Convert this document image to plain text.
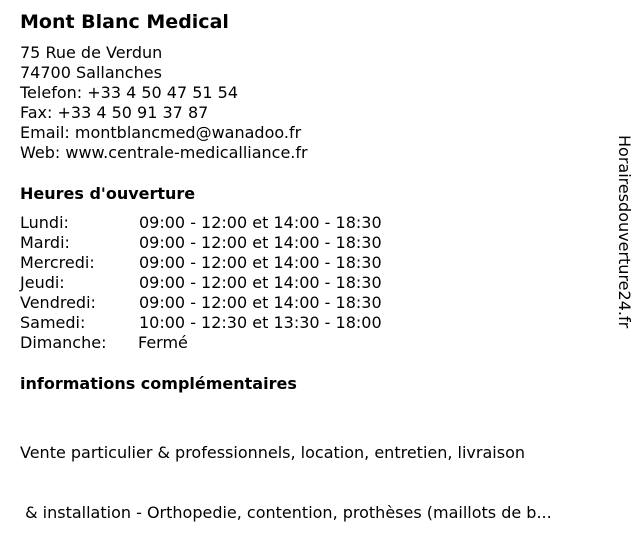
Mont Blanc Medical
75 Rue de Verdun
74700 Sallanches
Telefon: +33 4 50 47 51 54
Fax: +33 4 50 91 37 87
Email: montblancmed@wanadoo.fr
Web: www.centrale-medicalliance.fr
Heures d'ouverture
Lundi:	09:00 - 12:00 et 14:00 - 18:30
Mardi:	09:00 - 12:00 et 14:00 - 18:30
Mercredi:	09:00 - 12:00 et 14:00 - 18:30
Jeudi:	09:00 - 12:00 et 14:00 - 18:30
Vendredi:	09:00 - 12:00 et 14:00 - 18:30
Samedi:	10:00 - 12:30 et 13:30 - 18:00
Dimanche: Fermé
informations complémentaires

Vente particulier & professionnels, location, entretien, livraison

& installation - Orthopedie, contention, prothèses (maillots de b...

Horairesdouverture24.fr
